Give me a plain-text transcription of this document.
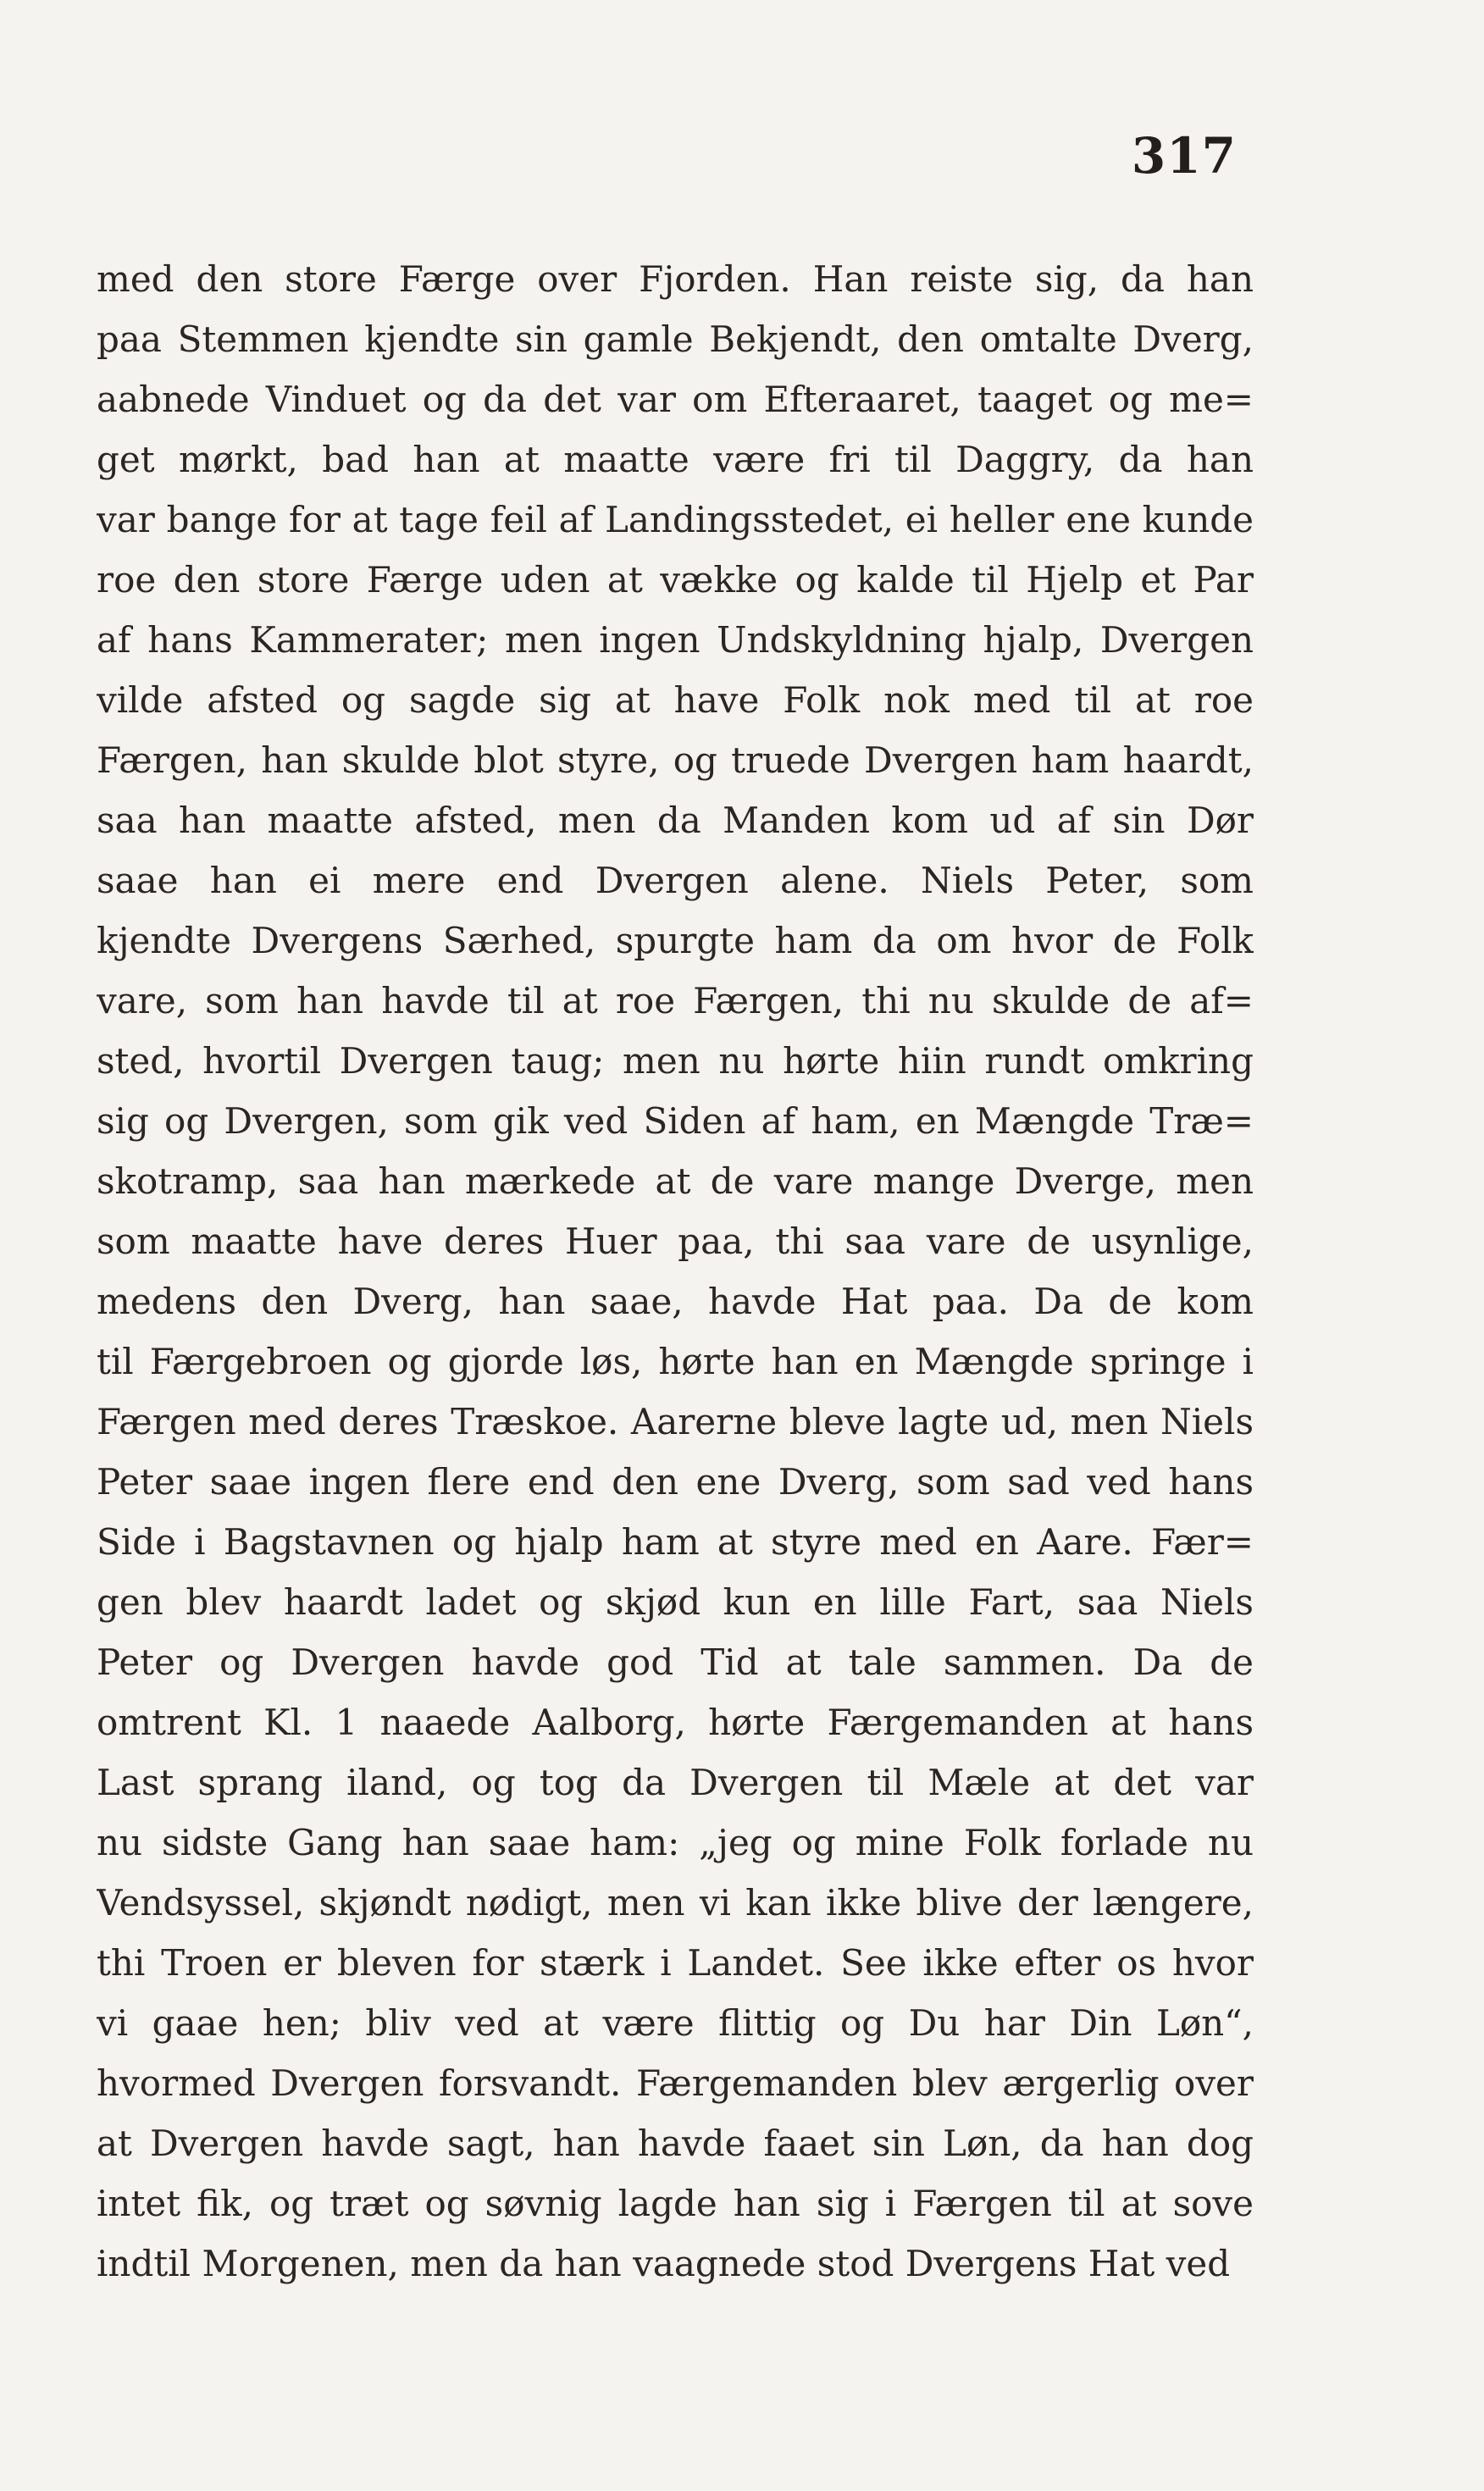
317
med den store Færge over Fjorden. Han reiste sig, da han
paa Stemmen kjendte sin gamle Bekjendt, den omtalte Dverg,
aabnede Vinduet og da det var om Efteraaret, taaget og me=
get mørkt, bad han at maatte være fri til Daggry, da han
var bange for at tage feil af Landingsstedet, ei heller ene kunde
roe den store Færge uden at vække og kalde til Hjelp et Par
af hans Kammerater; men ingen Undskyldning hjalp, Dvergen
vilde afsted og sagde sig at have Folk nok med til at roe
Færgen, han skulde blot styre, og truede Dvergen ham haardt,
saa han maatte afsted, men da Manden kom ud af sin Dør
saae han ei mere end Dvergen alene. Niels Peter, som
kjendte Dvergens Særhed, spurgte ham da om hvor de Folk
vare, som han havde til at roe Færgen, thi nu skulde de af=
sted, hvortil Dvergen taug; men nu hørte hiin rundt omkring
sig og Dvergen, som gik ved Siden af ham, en Mængde Træ=
skotramp, saa han mærkede at de vare mange Dverge, men
som maatte have deres Huer paa, thi saa vare de usynlige,
medens den Dverg, han saae, havde Hat paa. Da de kom
til Færgebroen og gjorde løs, hørte han en Mængde springe i
Færgen med deres Træskoe. Aarerne bleve lagte ud, men Niels
Peter saae ingen flere end den ene Dverg, som sad ved hans
Side i Bagstavnen og hjalp ham at styre med en Aare. Fær=
gen blev haardt ladet og skjød kun en lille Fart, saa Niels
Peter og Dvergen havde god Tid at tale sammen. Da de
omtrent Kl. 1 naaede Aalborg, hørte Færgemanden at hans
Last sprang iland, og tog da Dvergen til Mæle at det var
nu sidste Gang han saae ham: „jeg og mine Folk forlade nu
Vendsyssel, skjøndt nødigt, men vi kan ikke blive der længere,
thi Troen er bleven for stærk i Landet. See ikke efter os hvor
vi gaae hen; bliv ved at være flittig og Du har Din Løn“,
hvormed Dvergen forsvandt. Færgemanden blev ærgerlig over
at Dvergen havde sagt, han havde faaet sin Løn, da han dog
intet fik, og træt og søvnig lagde han sig i Færgen til at sove
indtil Morgenen, men da han vaagnede stod Dvergens Hat ved
